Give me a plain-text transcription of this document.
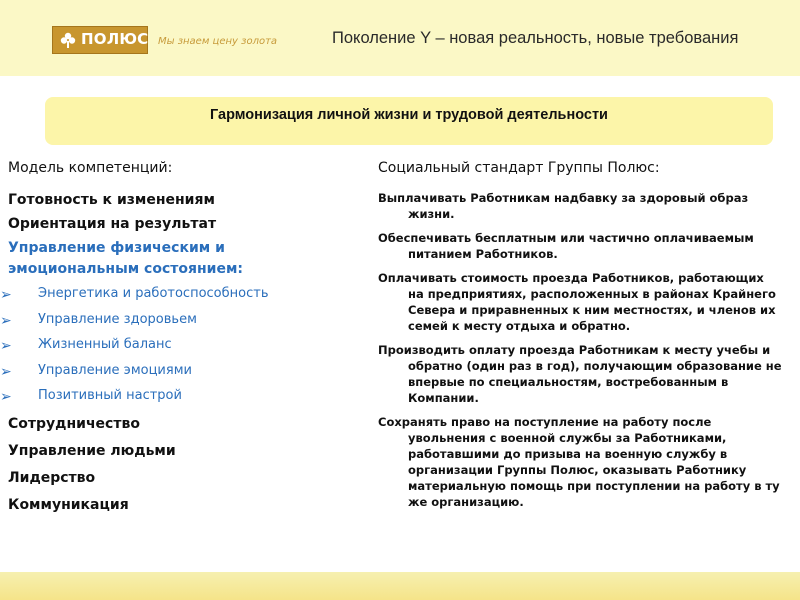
ПОЛЮС Мы знаем цену золота	Поколение Y – новая реальность, новые требования
Гармонизация личной жизни и трудовой деятельности
Модель компетенций:
Готовность к изменениям
Ориентация на результат
Управление физическим и эмоциональным состоянием:
➢ Энергетика и работоспособность
➢ Управление здоровьем
➢ Жизненный баланс
➢ Управление эмоциями
➢ Позитивный настрой
Сотрудничество
Управление людьми
Лидерство
Коммуникация
Социальный стандарт Группы Полюс:
Выплачивать Работникам надбавку за здоровый образ жизни.
Обеспечивать бесплатным или частично оплачиваемым питанием Работников.
Оплачивать стоимость проезда Работников, работающих на предприятиях, расположенных в районах Крайнего Севера и приравненных к ним местностях, и членов их семей к месту отдыха и обратно.
Производить оплату проезда Работникам к месту учебы и обратно (один раз в год), получающим образование не впервые по специальностям, востребованным в Компании.
Сохранять право на поступление на работу после увольнения с военной службы за Работниками, работавшими до призыва на военную службу в организации Группы Полюс, оказывать Работнику материальную помощь при поступлении на работу в ту же организацию.
